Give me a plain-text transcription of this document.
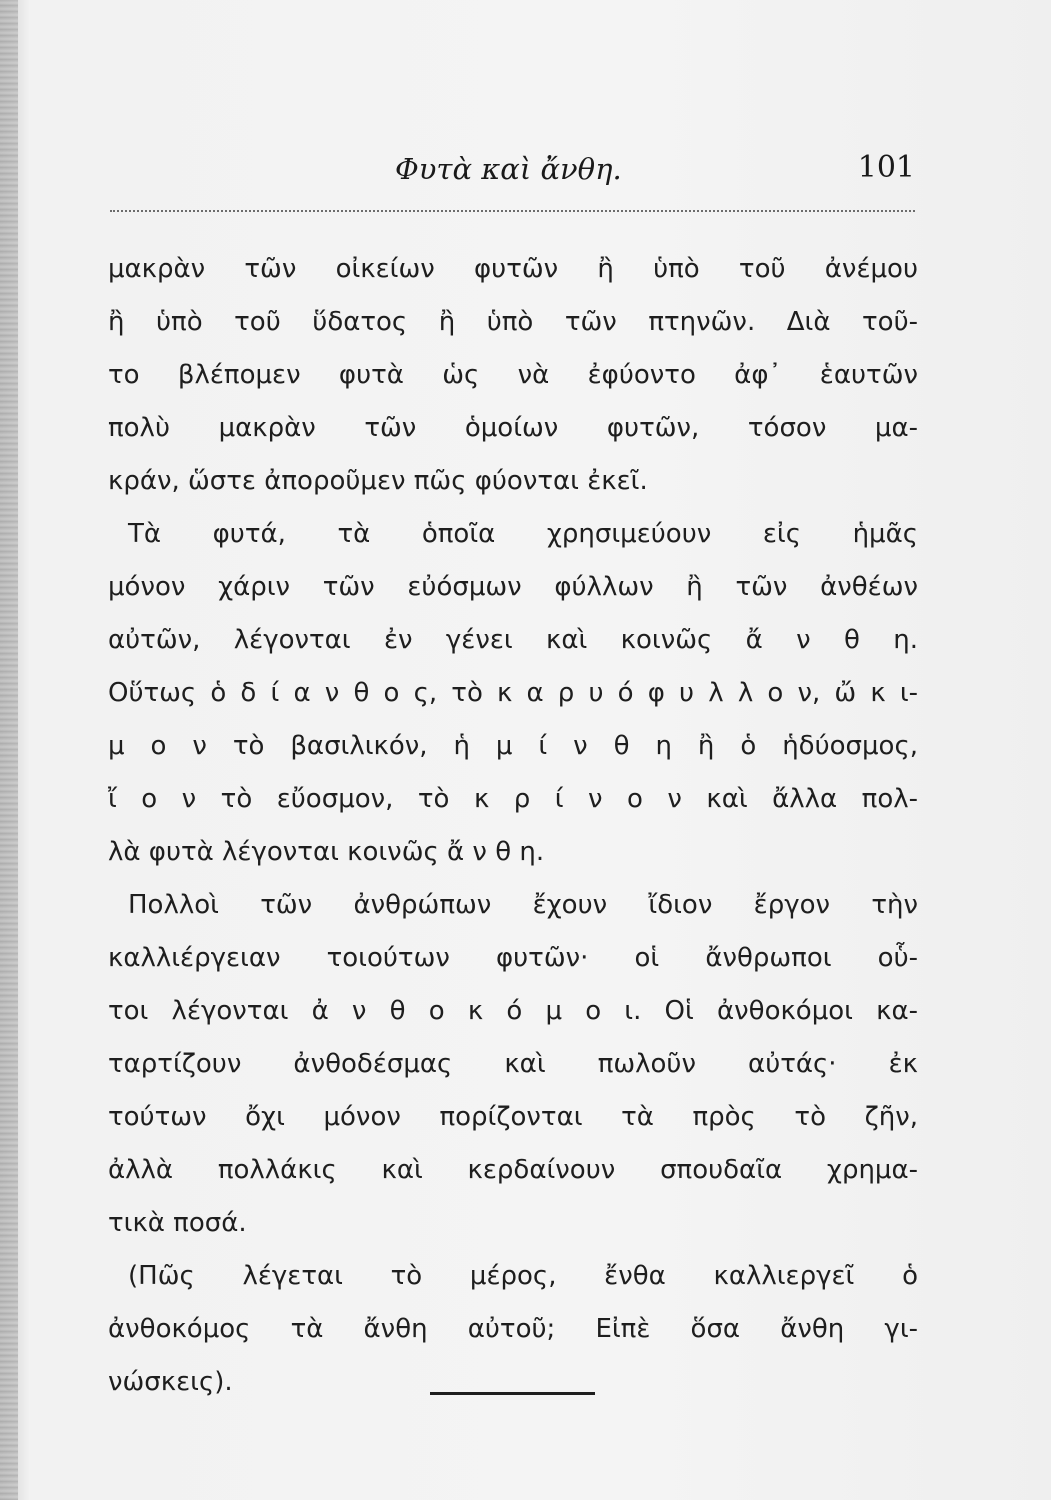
Φυτὰ καὶ ἄνθη.	101
μακρὰν τῶν οἰκείων φυτῶν ἢ ὑπὸ τοῦ ἀνέμου
ἢ ὑπὸ τοῦ ὕδατος ἢ ὑπὸ τῶν πτηνῶν. Διὰ τοῦ-
το βλέπομεν φυτὰ ὡς νὰ ἐφύοντο ἀφ᾿ ἑαυτῶν
πολὺ μακρὰν τῶν ὁμοίων φυτῶν, τόσον μα-
κράν, ὥστε ἀποροῦμεν πῶς φύονται ἐκεῖ.
Τὰ φυτά, τὰ ὁποῖα χρησιμεύουν εἰς ἡμᾶς
μόνον χάριν τῶν εὐόσμων φύλλων ἢ τῶν ἀνθέων
αὐτῶν, λέγονται ἐν γένει καὶ κοινῶς ἄ ν θ η.
Οὕτως ὁ δ ί α ν θ ο ς, τὸ κ α ρ υ ό φ υ λ λ ο ν, ὤ κ ι-
μ ο ν τὸ βασιλικόν, ἡ μ ί ν θ η ἢ ὁ ἡδύοσμος,
ἴ ο ν τὸ εὔοσμον, τὸ κ ρ ί ν ο ν καὶ ἄλλα πολ-
λὰ φυτὰ λέγονται κοινῶς ἄ ν θ η.
Πολλοὶ τῶν ἀνθρώπων ἔχουν ἴδιον ἔργον τὴν
καλλιέργειαν τοιούτων φυτῶν· οἱ ἄνθρωποι οὗ-
τοι λέγονται ἀ ν θ ο κ ό μ ο ι. Οἱ ἀνθοκόμοι κα-
ταρτίζουν ἀνθοδέσμας καὶ πωλοῦν αὐτάς· ἐκ
τούτων ὄχι μόνον πορίζονται τὰ πρὸς τὸ ζῆν,
ἀλλὰ πολλάκις καὶ κερδαίνουν σπουδαῖα χρημα-
τικὰ ποσά.
(Πῶς λέγεται τὸ μέρος, ἔνθα καλλιεργεῖ ὁ
ἀνθοκόμος τὰ ἄνθη αὐτοῦ; Εἰπὲ ὅσα ἄνθη γι-
νώσκεις).
